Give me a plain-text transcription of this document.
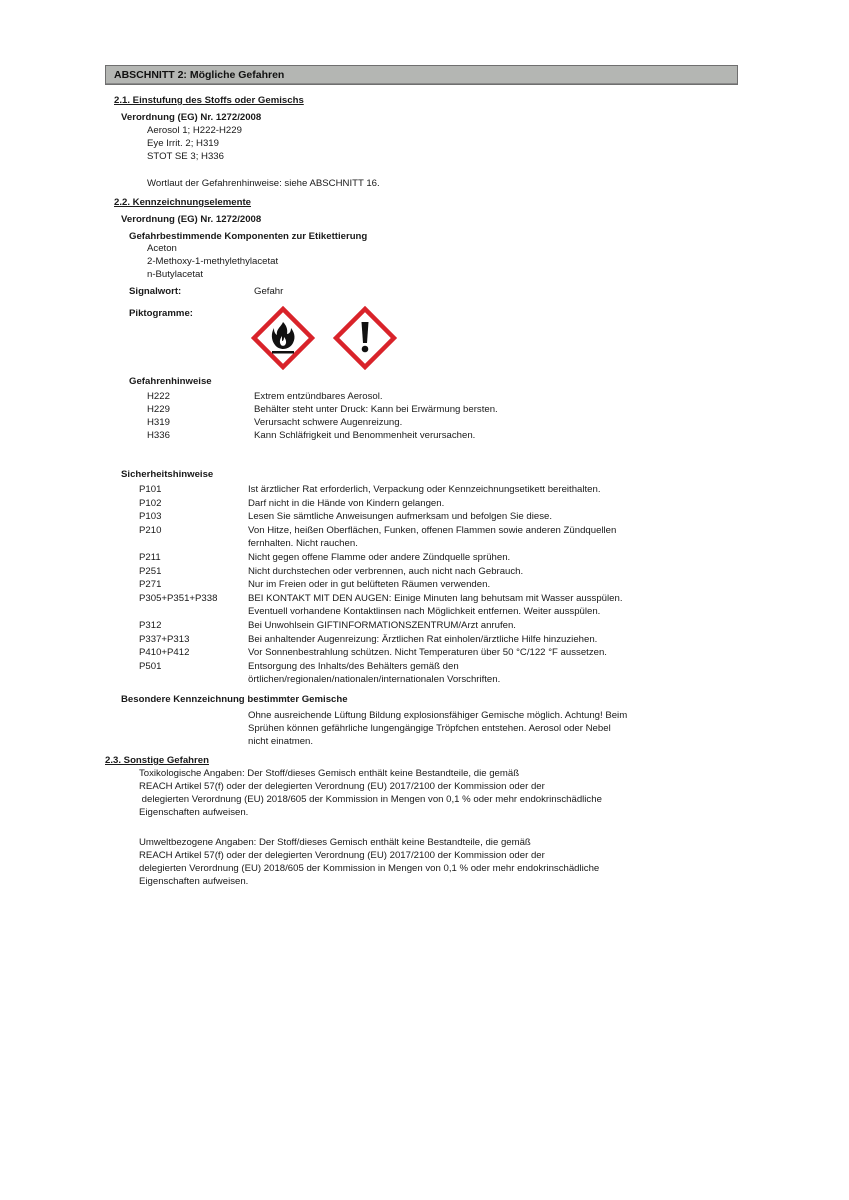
ABSCHNITT 2: Mögliche Gefahren
2.1. Einstufung des Stoffs oder Gemischs
Verordnung (EG) Nr. 1272/2008
Aerosol 1; H222-H229
Eye Irrit. 2; H319
STOT SE 3; H336
Wortlaut der Gefahrenhinweise: siehe ABSCHNITT 16.
2.2. Kennzeichnungselemente
Verordnung (EG) Nr. 1272/2008
Gefahrbestimmende Komponenten zur Etikettierung
Aceton
2-Methoxy-1-methylethylacetat
n-Butylacetat
Signalwort:	Gefahr
Piktogramme:
Gefahrenhinweise
H222	Extrem entzündbares Aerosol.
H229	Behälter steht unter Druck: Kann bei Erwärmung bersten.
H319	Verursacht schwere Augenreizung.
H336	Kann Schläfrigkeit und Benommenheit verursachen.
Sicherheitshinweise
P101	Ist ärztlicher Rat erforderlich, Verpackung oder Kennzeichnungsetikett bereithalten.
P102	Darf nicht in die Hände von Kindern gelangen.
P103	Lesen Sie sämtliche Anweisungen aufmerksam und befolgen Sie diese.
P210	Von Hitze, heißen Oberflächen, Funken, offenen Flammen sowie anderen Zündquellen
fernhalten. Nicht rauchen.
P211	Nicht gegen offene Flamme oder andere Zündquelle sprühen.
P251	Nicht durchstechen oder verbrennen, auch nicht nach Gebrauch.
P271	Nur im Freien oder in gut belüfteten Räumen verwenden.
P305+P351+P338	BEI KONTAKT MIT DEN AUGEN: Einige Minuten lang behutsam mit Wasser ausspülen.
Eventuell vorhandene Kontaktlinsen nach Möglichkeit entfernen. Weiter ausspülen.
P312	Bei Unwohlsein GIFTINFORMATIONSZENTRUM/Arzt anrufen.
P337+P313	Bei anhaltender Augenreizung: Ärztlichen Rat einholen/ärztliche Hilfe hinzuziehen.
P410+P412	Vor Sonnenbestrahlung schützen. Nicht Temperaturen über 50 °C/122 °F aussetzen.
P501	Entsorgung des Inhalts/des Behälters gemäß den
örtlichen/regionalen/nationalen/internationalen Vorschriften.
Besondere Kennzeichnung bestimmter Gemische
Ohne ausreichende Lüftung Bildung explosionsfähiger Gemische möglich. Achtung! Beim
Sprühen können gefährliche lungengängige Tröpfchen entstehen. Aerosol oder Nebel
nicht einatmen.
2.3. Sonstige Gefahren
Toxikologische Angaben: Der Stoff/dieses Gemisch enthält keine Bestandteile, die gemäß
REACH Artikel 57(f) oder der delegierten Verordnung (EU) 2017/2100 der Kommission oder der
delegierten Verordnung (EU) 2018/605 der Kommission in Mengen von 0,1 % oder mehr endokrinschädliche
Eigenschaften aufweisen.
Umweltbezogene Angaben: Der Stoff/dieses Gemisch enthält keine Bestandteile, die gemäß
REACH Artikel 57(f) oder der delegierten Verordnung (EU) 2017/2100 der Kommission oder der
delegierten Verordnung (EU) 2018/605 der Kommission in Mengen von 0,1 % oder mehr endokrinschädliche
Eigenschaften aufweisen.
